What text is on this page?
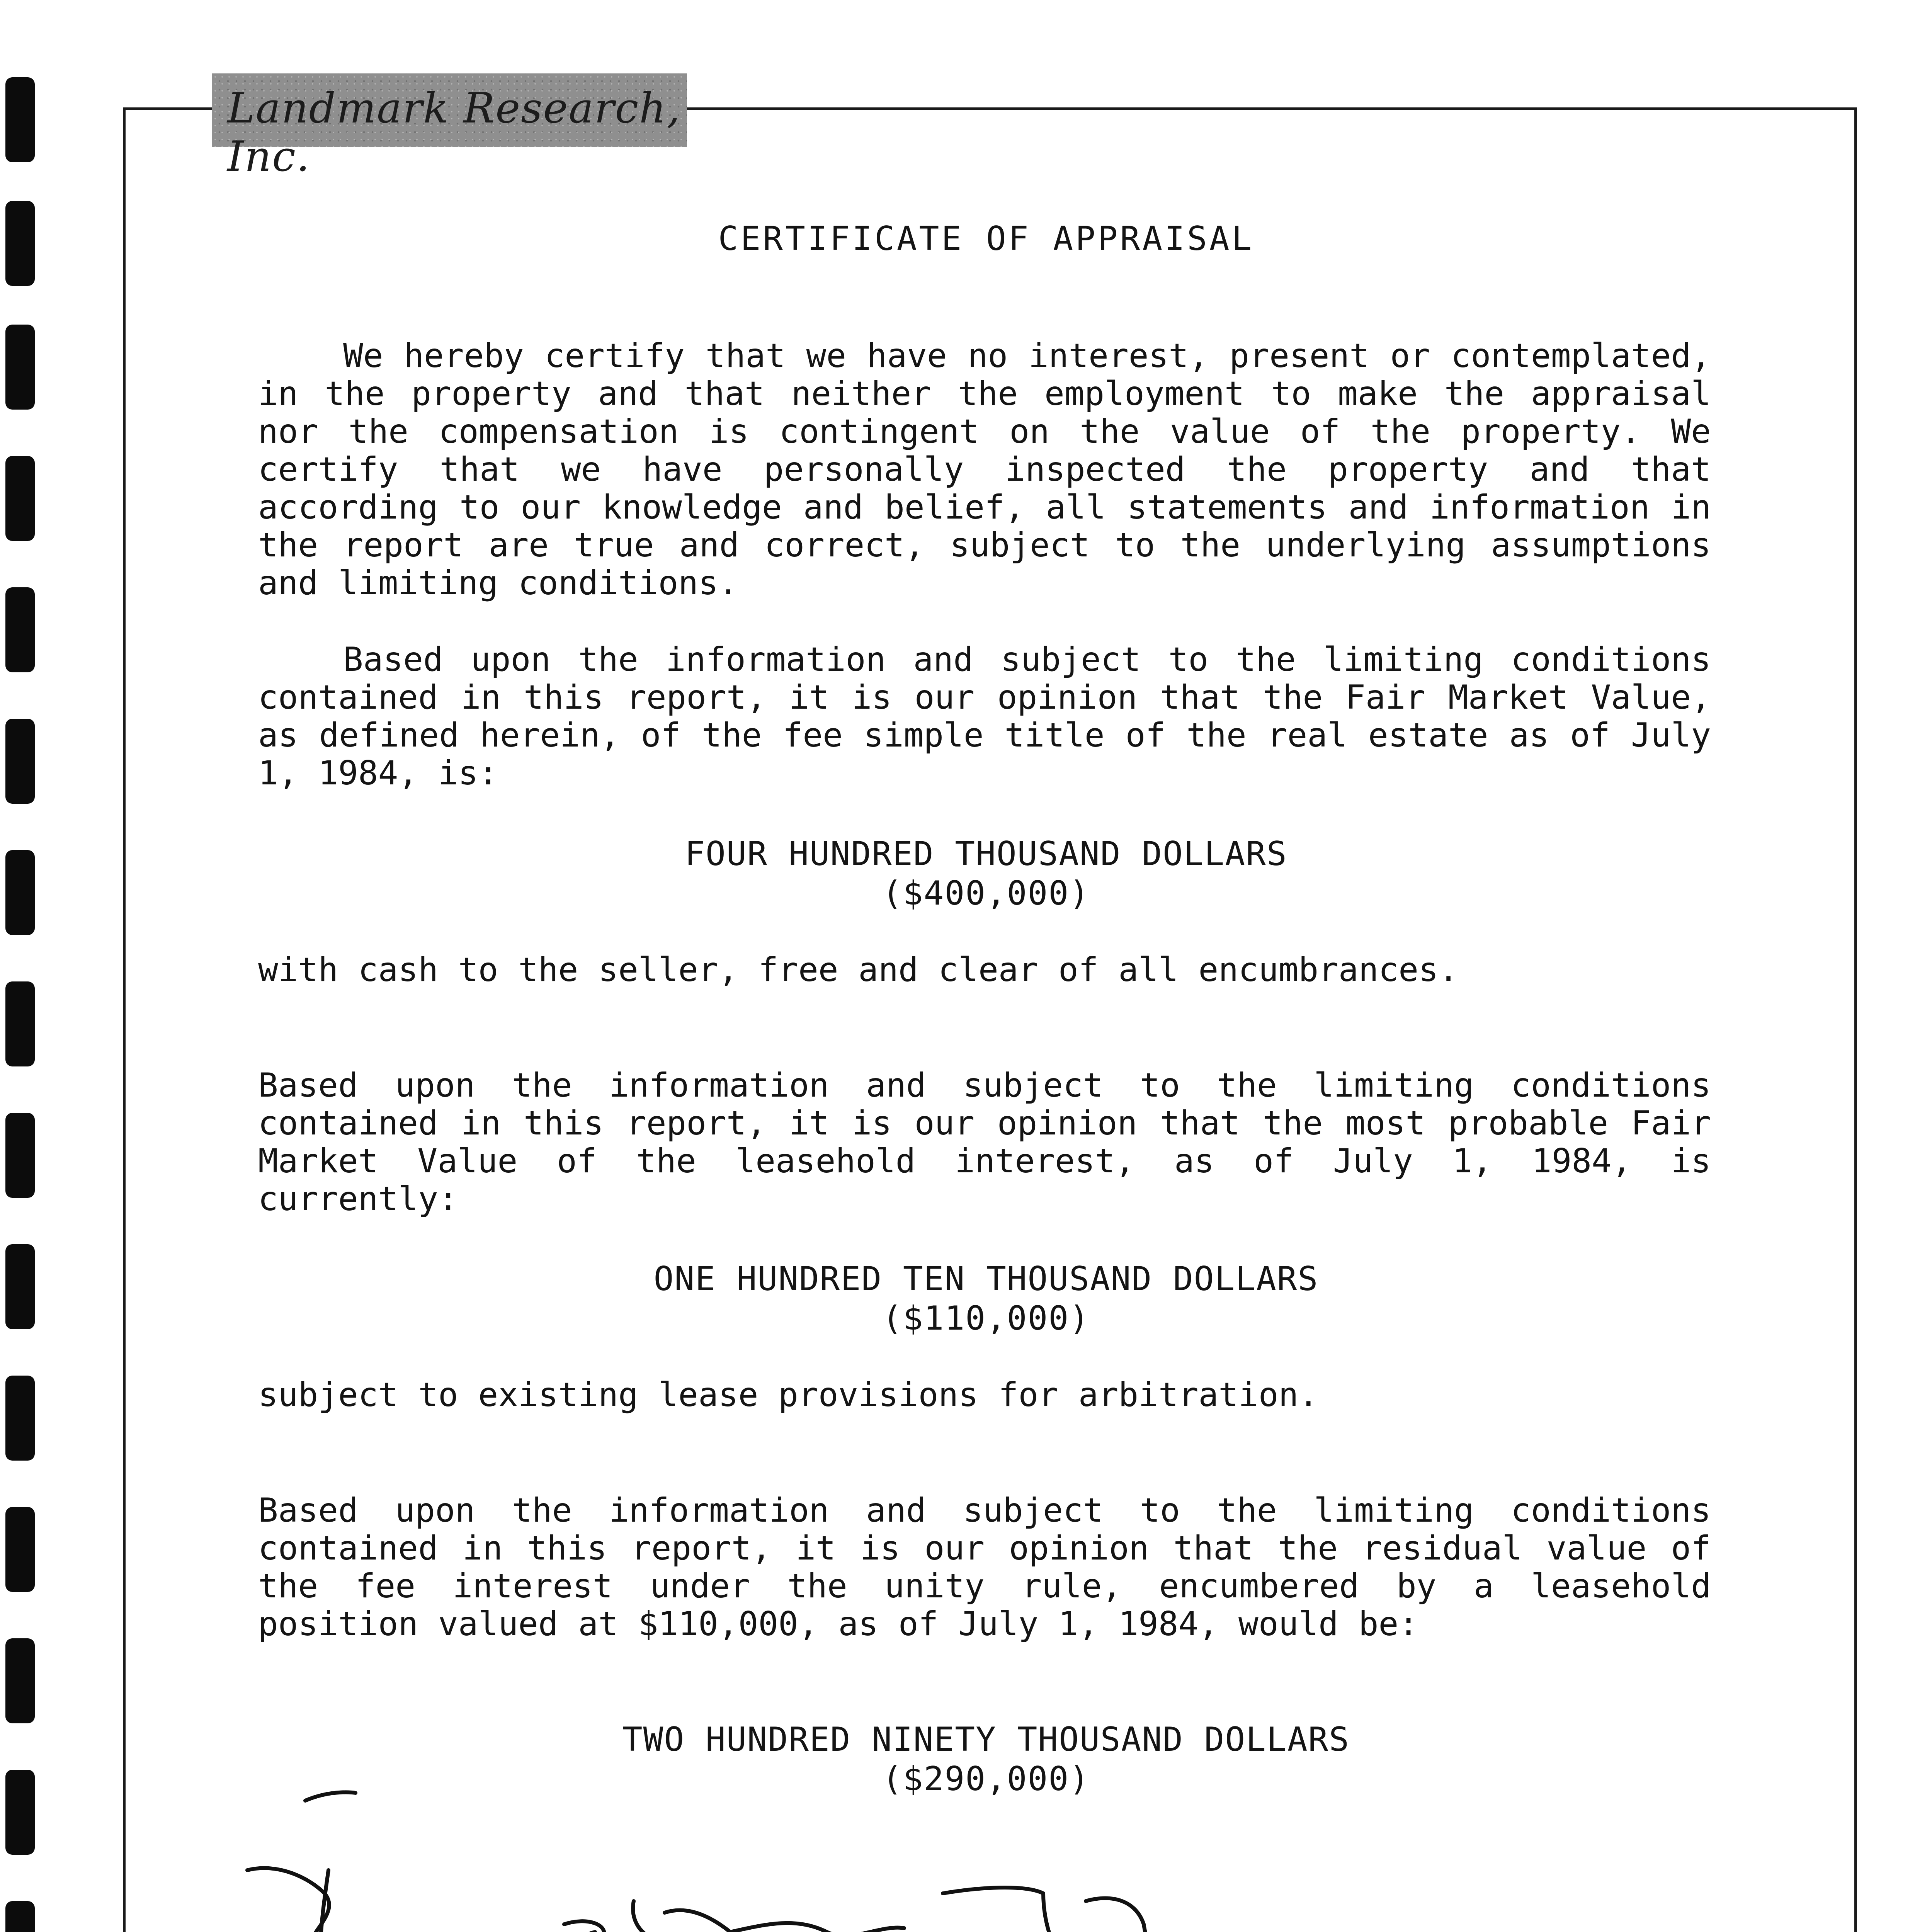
Landmark Research, Inc.
CERTIFICATE OF APPRAISAL
We hereby certify that we have no interest, present or contemplated, in the property and that neither the employment to make the appraisal nor the compensation is contingent on the value of the property. We certify that we have personally inspected the property and that according to our knowledge and belief, all statements and information in the report are true and correct, subject to the underlying assumptions and limiting conditions.
Based upon the information and subject to the limiting conditions contained in this report, it is our opinion that the Fair Market Value, as defined herein, of the fee simple title of the real estate as of July 1, 1984, is:
FOUR HUNDRED THOUSAND DOLLARS
($400,000)
with cash to the seller, free and clear of all encumbrances.
Based upon the information and subject to the limiting conditions contained in this report, it is our opinion that the most probable Fair Market Value of the leasehold interest, as of July 1, 1984, is currently:
ONE HUNDRED TEN THOUSAND DOLLARS
($110,000)
subject to existing lease provisions for arbitration.
Based upon the information and subject to the limiting conditions contained in this report, it is our opinion that the residual value of the fee interest under the unity rule, encumbered by a leasehold position valued at $110,000, as of July 1, 1984, would be:
TWO HUNDRED NINETY THOUSAND DOLLARS
($290,000)
